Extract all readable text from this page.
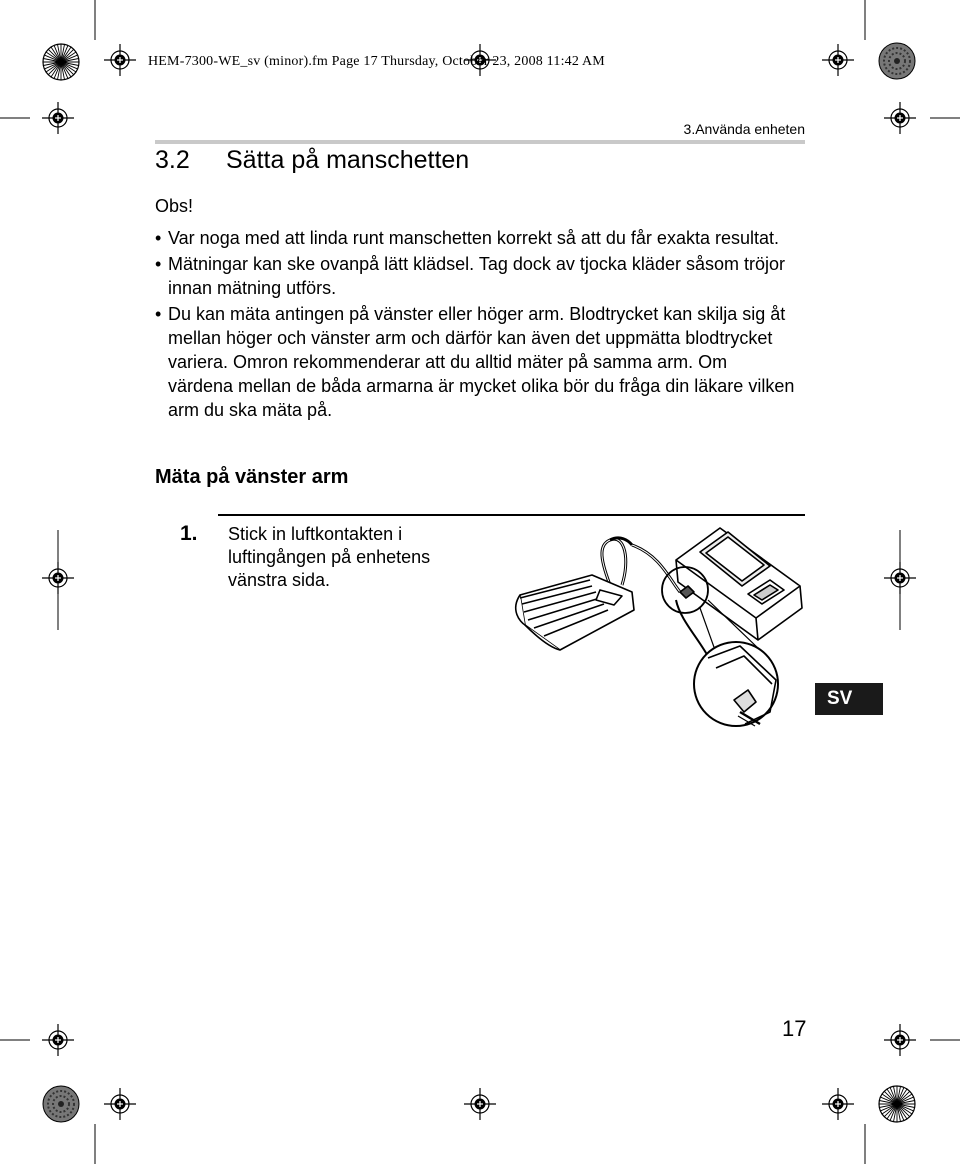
HEM-7300-WE_sv (minor).fm Page 17 Thursday, October 23, 2008 11:42 AM
3.Använda enheten
3.2 Sätta på manschetten
Obs!
• Var noga med att linda runt manschetten korrekt så att du får exakta resultat.
• Mätningar kan ske ovanpå lätt klädsel. Tag dock av tjocka kläder såsom tröjor innan mätning utförs.
• Du kan mäta antingen på vänster eller höger arm. Blodtrycket kan skilja sig åt mellan höger och vänster arm och därför kan även det uppmätta blodtrycket variera. Omron rekommenderar att du alltid mäter på samma arm. Om värdena mellan de båda armarna är mycket olika bör du fråga din läkare vilken arm du ska mäta på.
Mäta på vänster arm
1. Stick in luftkontakten i luftingången på enhetens vänstra sida.
SV
17
